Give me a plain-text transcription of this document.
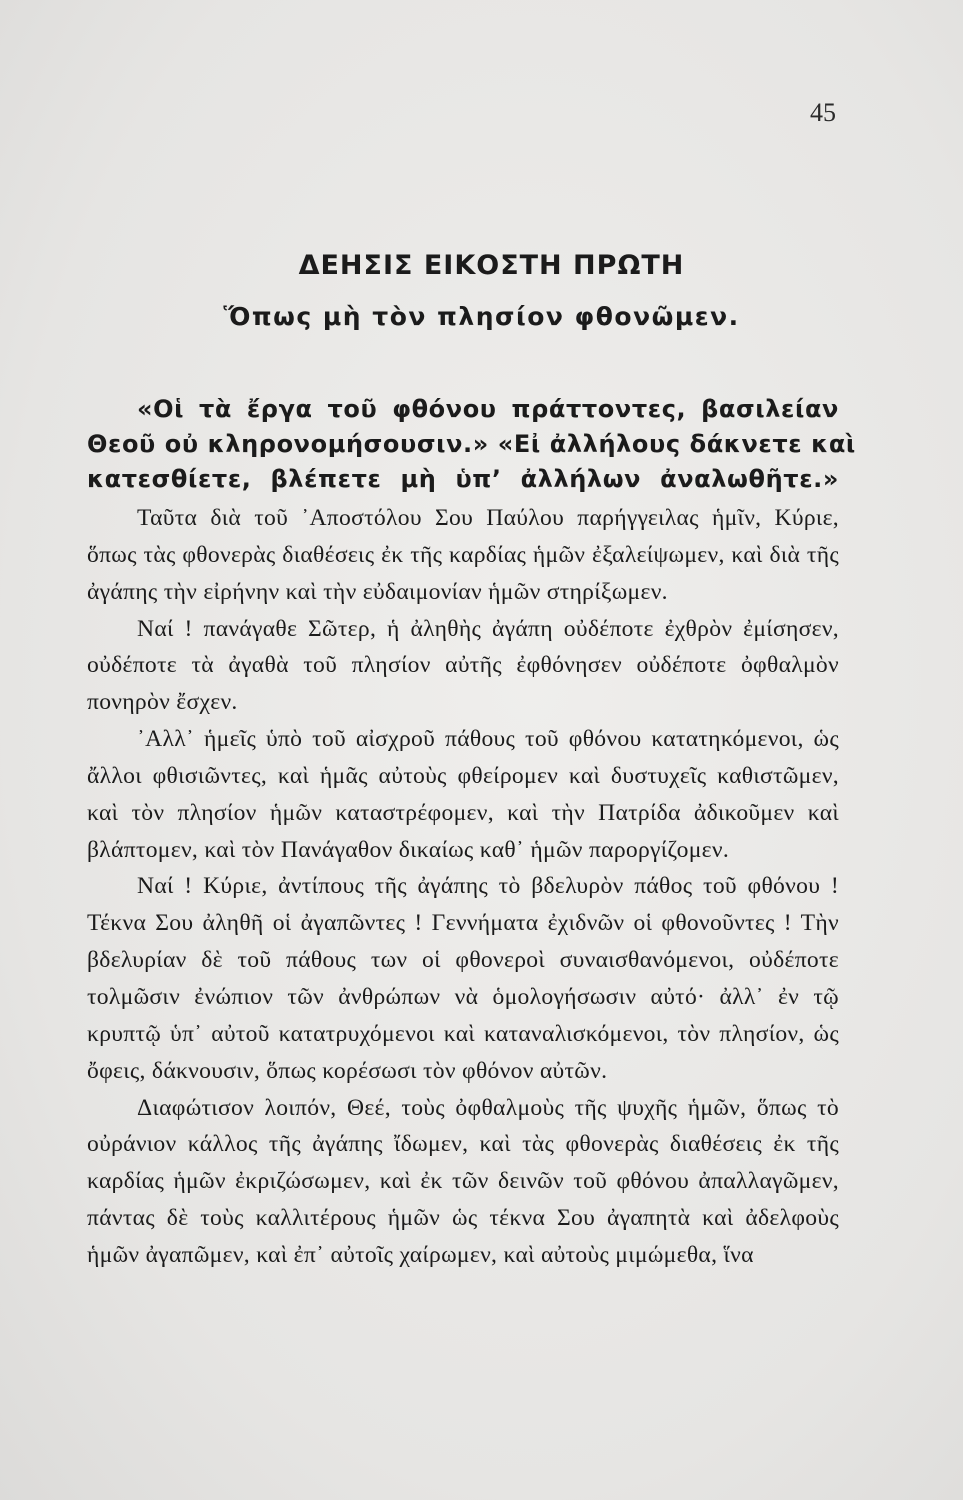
45
ΔΕΗΣΙΣ ΕΙΚΟΣΤΗ ΠΡΩΤΗ
Ὅπως μὴ τὸν πλησίον φθονῶμεν.
«Οἱ τὰ ἔργα τοῦ φθόνου πράττοντες, βασιλείαν
Θεοῦ οὐ κληρονομήσουσιν.» «Εἰ ἀλλήλους δάκνετε καὶ
κατεσθίετε, βλέπετε μὴ ὑπ’ ἀλλήλων ἀναλωθῆτε.»

Ταῦτα διὰ τοῦ ᾿Αποστόλου Σου Παύλου παρήγγειλας ἡμῖν, Κύριε, ὅπως τὰς φθονερὰς διαθέσεις ἐκ τῆς καρδίας ἡμῶν ἐξαλείψωμεν, καὶ διὰ τῆς ἀγάπης τὴν εἰρήνην καὶ τὴν εὐδαιμονίαν ἡμῶν στηρίξωμεν.

Ναί ! πανάγαθε Σῶτερ, ἡ ἀληθὴς ἀγάπη οὐδέποτε ἐχθρὸν ἐμίσησεν, οὐδέποτε τὰ ἀγαθὰ τοῦ πλησίον αὐτῆς ἐφθόνησεν οὐδέποτε ὀφθαλμὸν πονηρὸν ἔσχεν.

᾿Αλλ᾿ ἡμεῖς ὑπὸ τοῦ αἰσχροῦ πάθους τοῦ φθόνου κατατηκόμενοι, ὡς ἄλλοι φθισιῶντες, καὶ ἡμᾶς αὐτοὺς φθείρομεν καὶ δυστυχεῖς καθιστῶμεν, καὶ τὸν πλησίον ἡμῶν καταστρέφομεν, καὶ τὴν Πατρίδα ἀδικοῦμεν καὶ βλάπτομεν, καὶ τὸν Πανάγαθον δικαίως καθ᾿ ἡμῶν παροργίζομεν.

Ναί ! Κύριε, ἀντίπους τῆς ἀγάπης τὸ βδελυρὸν πάθος τοῦ φθόνου ! Τέκνα Σου ἀληθῆ οἱ ἀγαπῶντες ! Γεννήματα ἐχιδνῶν οἱ φθονοῦντες ! Τὴν βδελυρίαν δὲ τοῦ πάθους των οἱ φθονεροὶ συναισθανόμενοι, οὐδέποτε τολμῶσιν ἐνώπιον τῶν ἀνθρώπων νὰ ὁμολογήσωσιν αὐτό· ἀλλ᾿ ἐν τῷ κρυπτῷ ὑπ᾿ αὐτοῦ κατατρυχόμενοι καὶ καταναλισκόμενοι, τὸν πλησίον, ὡς ὄφεις, δάκνουσιν, ὅπως κορέσωσι τὸν φθόνον αὐτῶν.

Διαφώτισον λοιπόν, Θεέ, τοὺς ὀφθαλμοὺς τῆς ψυχῆς ἡμῶν, ὅπως τὸ οὐράνιον κάλλος τῆς ἀγάπης ἴδωμεν, καὶ τὰς φθονερὰς διαθέσεις ἐκ τῆς καρδίας ἡμῶν ἐκριζώσωμεν, καὶ ἐκ τῶν δεινῶν τοῦ φθόνου ἀπαλλαγῶμεν, πάντας δὲ τοὺς καλλιτέρους ἡμῶν ὡς τέκνα Σου ἀγαπητὰ καὶ ἀδελφοὺς ἡμῶν ἀγαπῶμεν, καὶ ἐπ᾿ αὐτοῖς χαίρωμεν, καὶ αὐτοὺς μιμώμεθα, ἵνα
